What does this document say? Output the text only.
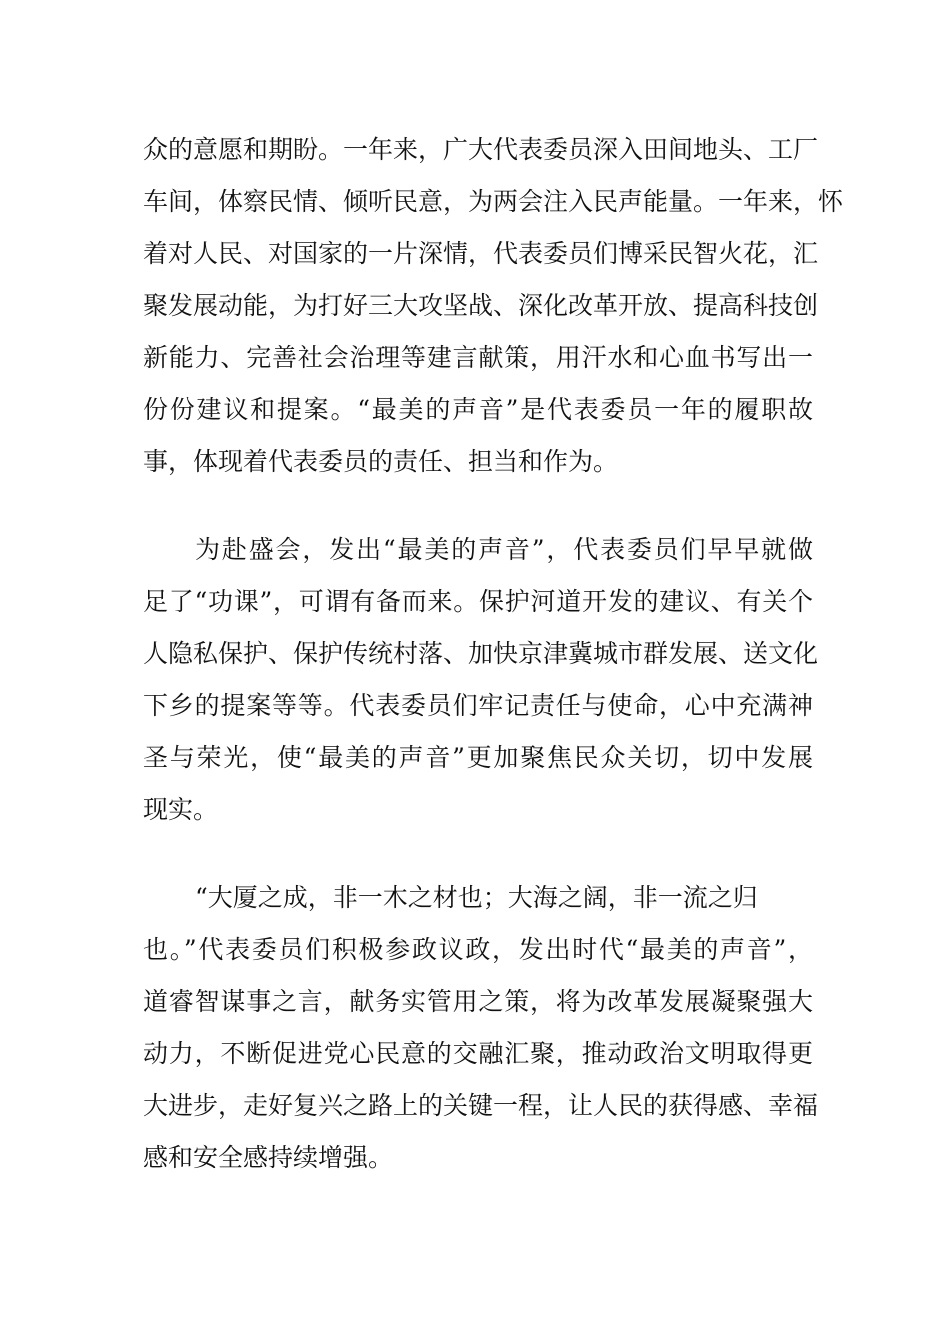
众的意愿和期盼。一年来，广大代表委员深入田间地头、工厂
车间，体察民情、倾听民意，为两会注入民声能量。一年来，怀
着对人民、对国家的一片深情，代表委员们博采民智火花，汇
聚发展动能，为打好三大攻坚战、深化改革开放、提高科技创
新能力、完善社会治理等建言献策，用汗水和心血书写出一
份份建议和提案。“最美的声音”是代表委员一年的履职故
事，体现着代表委员的责任、担当和作为。
为赴盛会，发出“最美的声音”，代表委员们早早就做
足了“功课”，可谓有备而来。保护河道开发的建议、有关个
人隐私保护、保护传统村落、加快京津冀城市群发展、送文化
下乡的提案等等。代表委员们牢记责任与使命，心中充满神
圣与荣光，使“最美的声音”更加聚焦民众关切，切中发展
现实。
“大厦之成，非一木之材也；大海之阔，非一流之归
也。”代表委员们积极参政议政，发出时代“最美的声音”，
道睿智谋事之言，献务实管用之策，将为改革发展凝聚强大
动力，不断促进党心民意的交融汇聚，推动政治文明取得更
大进步，走好复兴之路上的关键一程，让人民的获得感、幸福
感和安全感持续增强。
